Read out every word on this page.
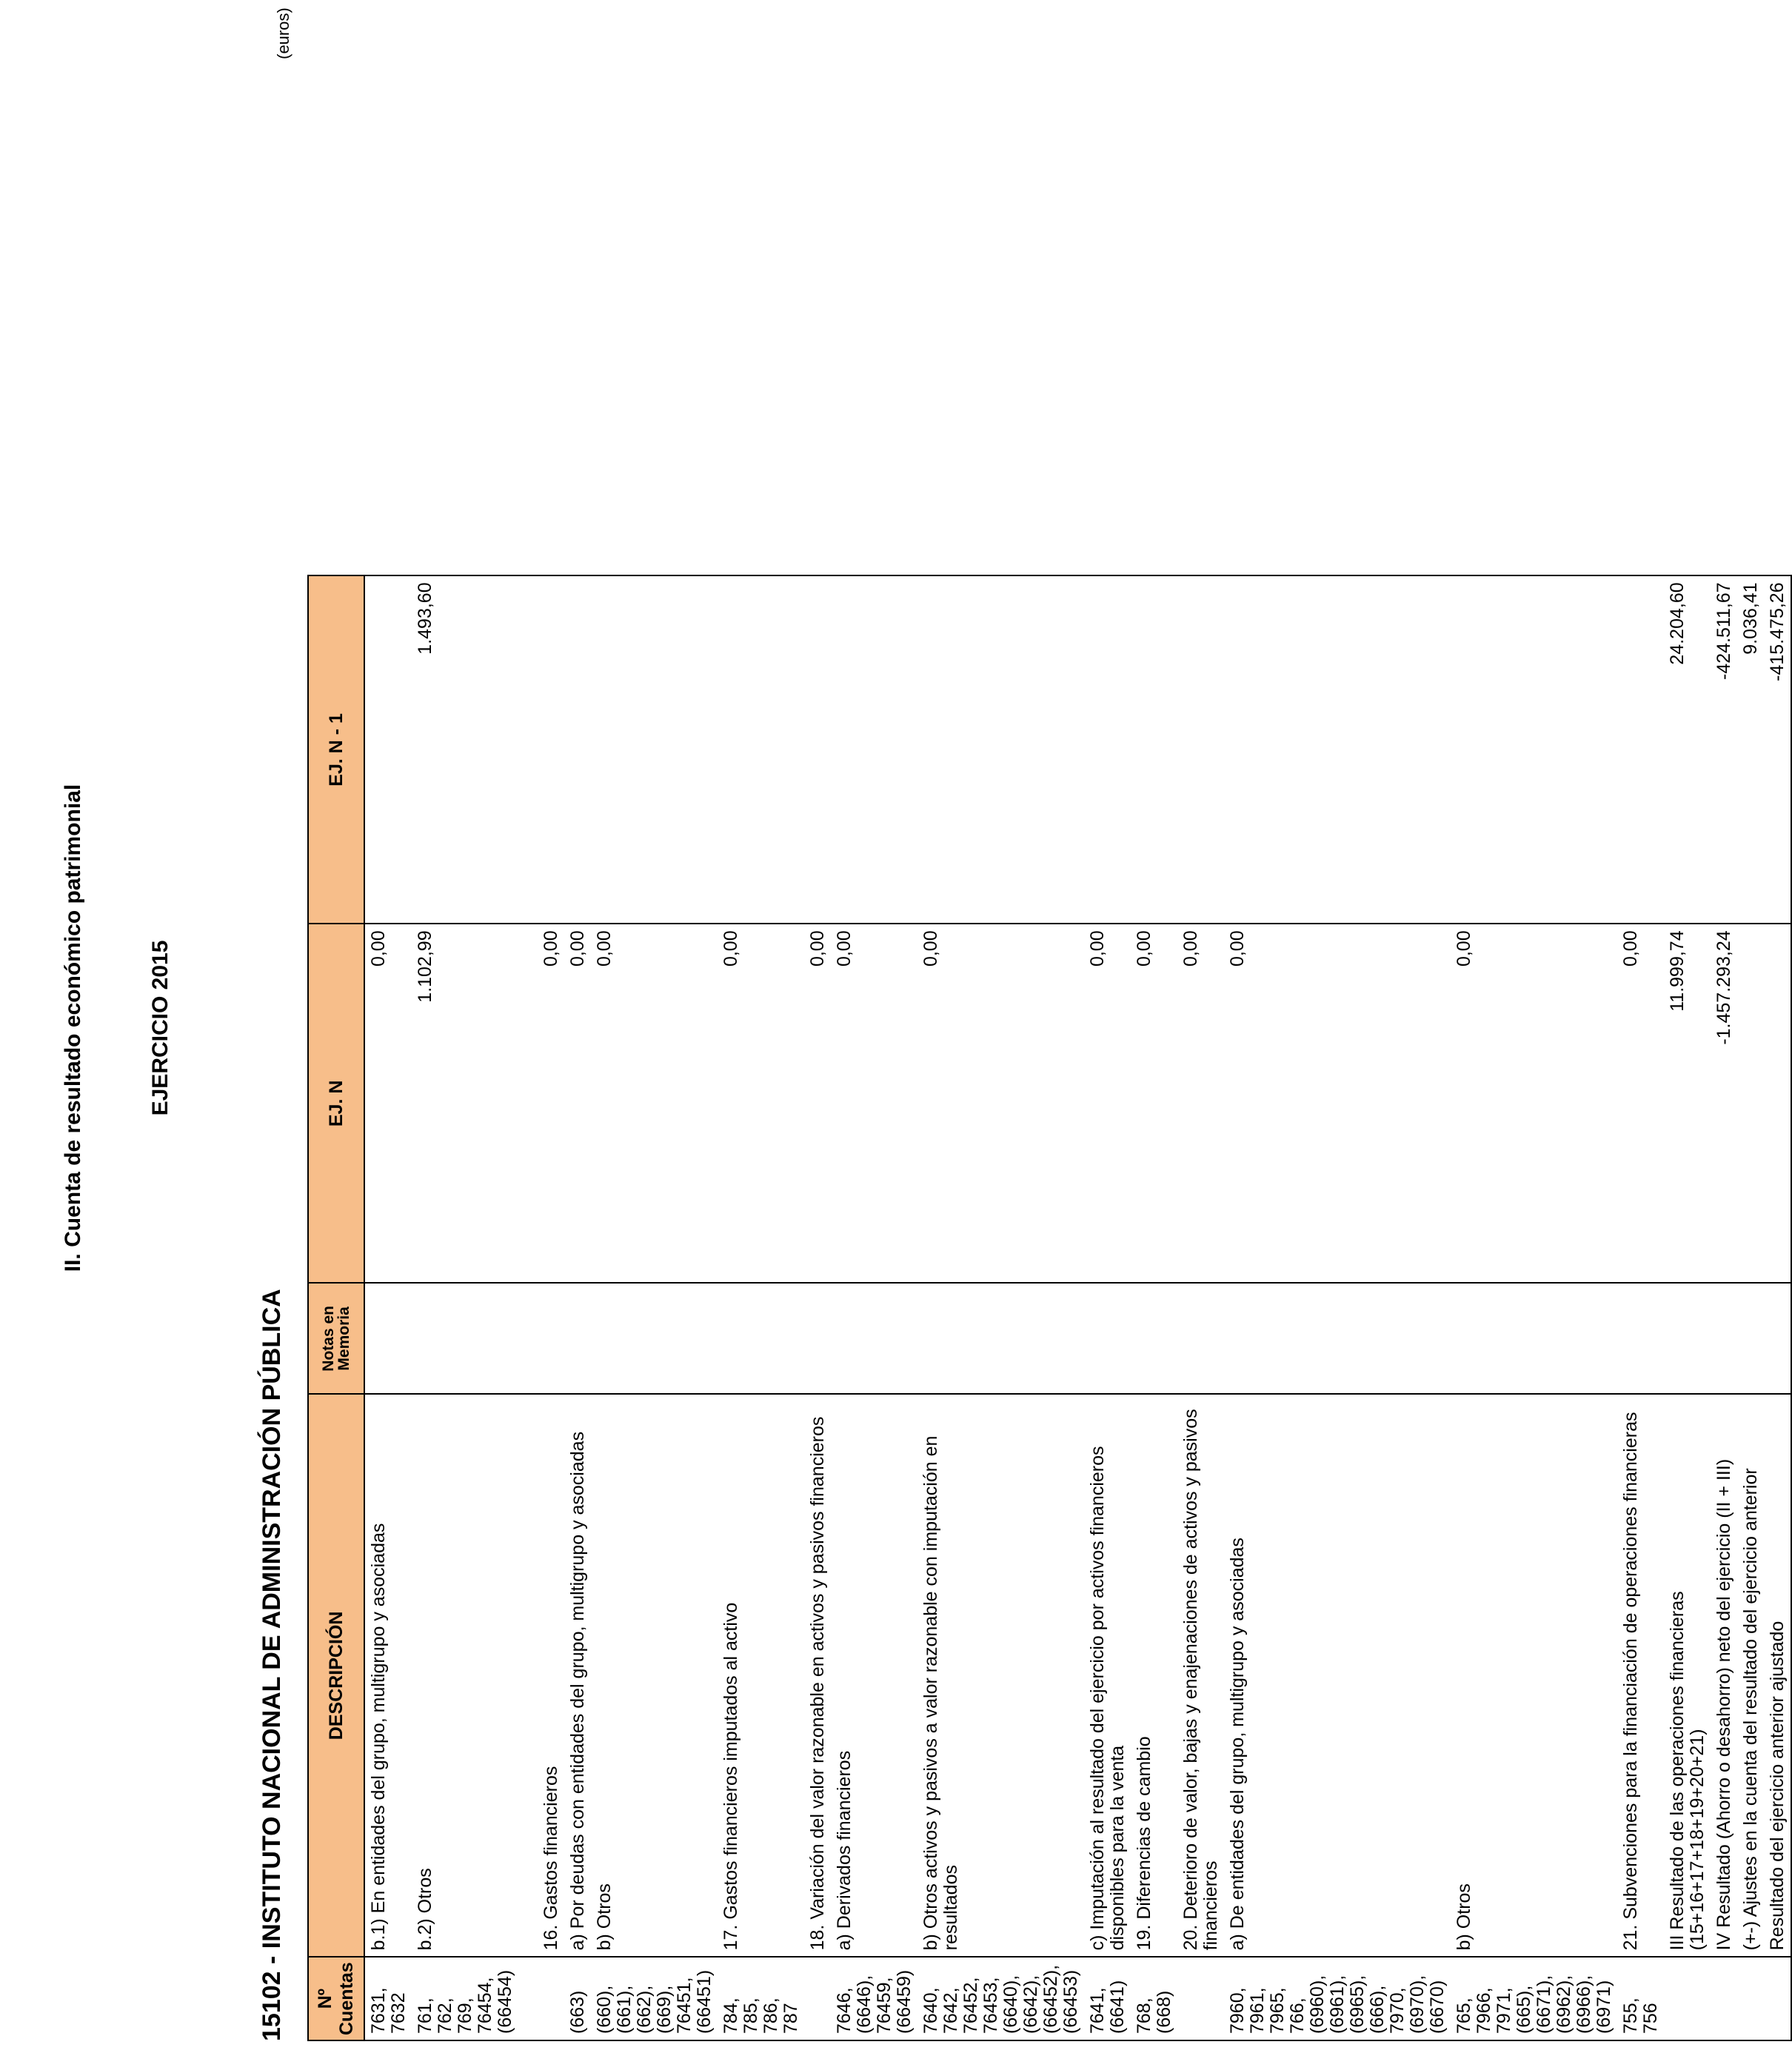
II. Cuenta de resultado económico patrimonial	EJERCICIO 2015
15102 - INSTITUTO NACIONAL DE ADMINISTRACIÓN PÚBLICA
(euros)
Nº Cuentas	DESCRIPCIÓN	Notas en Memoria	EJ. N	EJ. N - 1
7631, 7632	b.1) En entidades del grupo, multigrupo y asociadas		0,00	
761, 762, 769, 76454, (66454)	b.2) Otros		1.102,99	1.493,60

	16. Gastos financieros		0,00	
(663)	a) Por deudas con entidades del grupo, multigrupo y asociadas		0,00	
(660), (661), (662), (669), 76451, (66451)	b) Otros		0,00	
784, 785, 786, 787	17. Gastos financieros imputados al activo		0,00	
	18. Variación del valor razonable en activos y pasivos financieros		0,00	
7646, (6646), 76459, (66459)	a) Derivados financieros		0,00	
7640, 7642, 76452, 76453, (6640), (6642), (66452), (66453)	b) Otros activos y pasivos a valor razonable con imputación en resultados		0,00	
7641, (6641)	c) Imputación al resultado del ejercicio por activos financieros disponibles para la venta		0,00	
768, (668)	19. Diferencias de cambio		0,00	
	20. Deterioro de valor, bajas y enajenaciones de activos y pasivos financieros		0,00	
7960, 7961, 7965, 766, (6960), (6961), (6965), (666), 7970, (6970), (6670)	a) De entidades del grupo, multigrupo y asociadas		0,00	
765, 7966, 7971, (665), (6671), (6962), (6966), (6971)	b) Otros		0,00	
755, 756	21. Subvenciones para la financiación de operaciones financieras		0,00	
	III Resultado de las operaciones financieras (15+16+17+18+19+20+21)		11.999,74	24.204,60
	IV Resultado (Ahorro o desahorro) neto del ejercicio (II + III)		-1.457.293,24	-424.511,67
	(+-) Ajustes en la cuenta del resultado del ejercicio anterior			9.036,41
	Resultado del ejercicio anterior ajustado			-415.475,26
